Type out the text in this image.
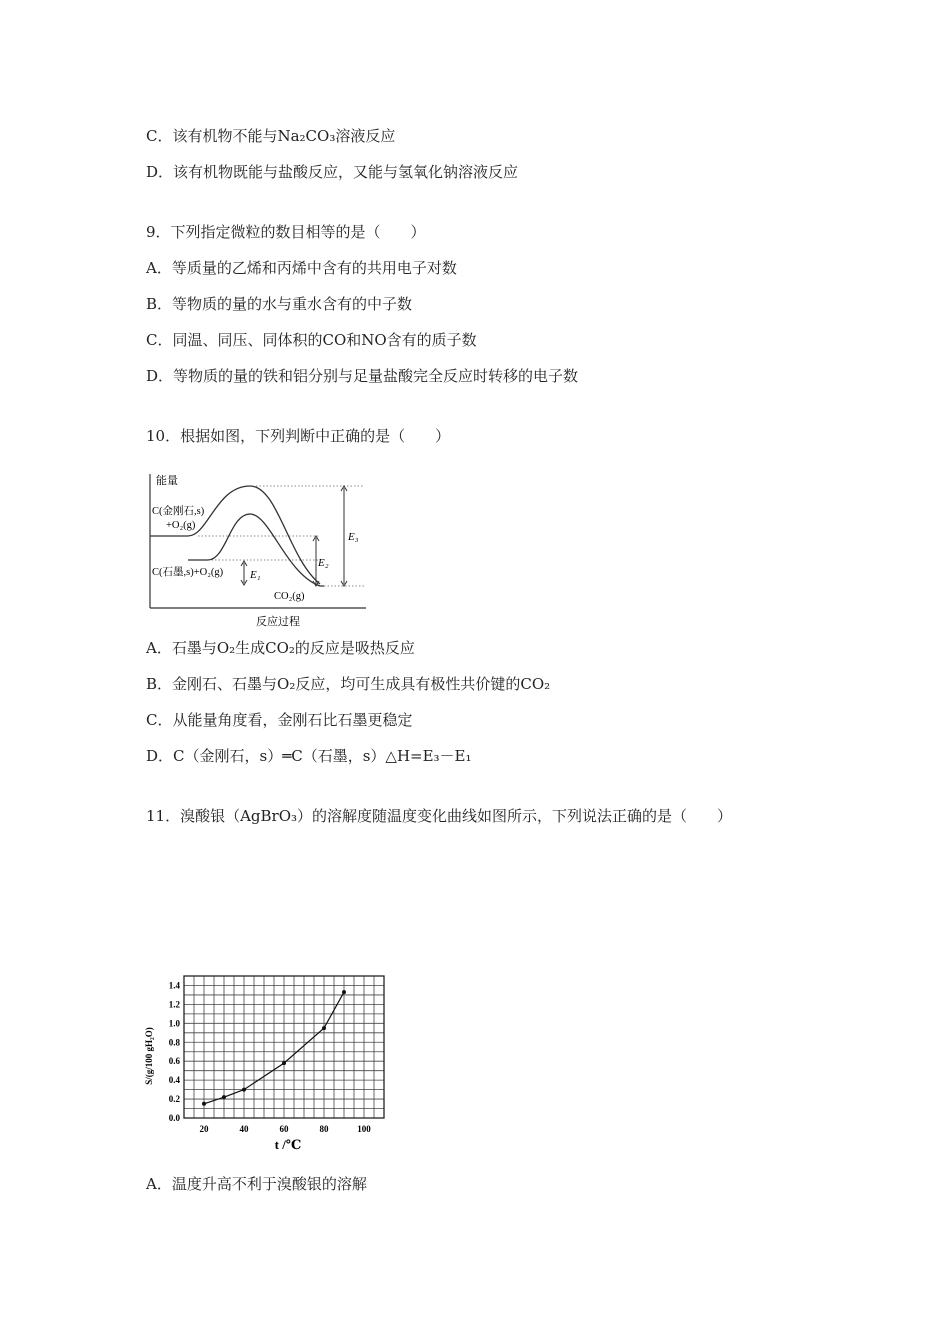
C．该有机物不能与Na₂CO₃溶液反应
D．该有机物既能与盐酸反应，又能与氢氧化钠溶液反应
9．下列指定微粒的数目相等的是（　　）
A．等质量的乙烯和丙烯中含有的共用电子对数
B．等物质的量的水与重水含有的中子数
C．同温、同压、同体积的CO和NO含有的质子数
D．等物质的量的铁和铝分别与足量盐酸完全反应时转移的电子数
10．根据如图，下列判断中正确的是（　　）
能量
C(金刚石,s)
+O₂(g)
C(石墨,s)+O₂(g) E₁
E₂
E₃
CO₂(g)
反应过程
A．石墨与O₂生成CO₂的反应是吸热反应
B．金刚石、石墨与O₂反应，均可生成具有极性共价键的CO₂
C．从能量角度看，金刚石比石墨更稳定
D．C（金刚石，s）═C（石墨，s）△H=E₃－E₁
11．溴酸银（AgBrO₃）的溶解度随温度变化曲线如图所示，下列说法正确的是（　　）
20	40	60	80	100
0.0
0.2
0.4
0.6
0.8
1.0
1.2
1.4
t /℃
S/(g/100 gH₂O)
A．温度升高不利于溴酸银的溶解
